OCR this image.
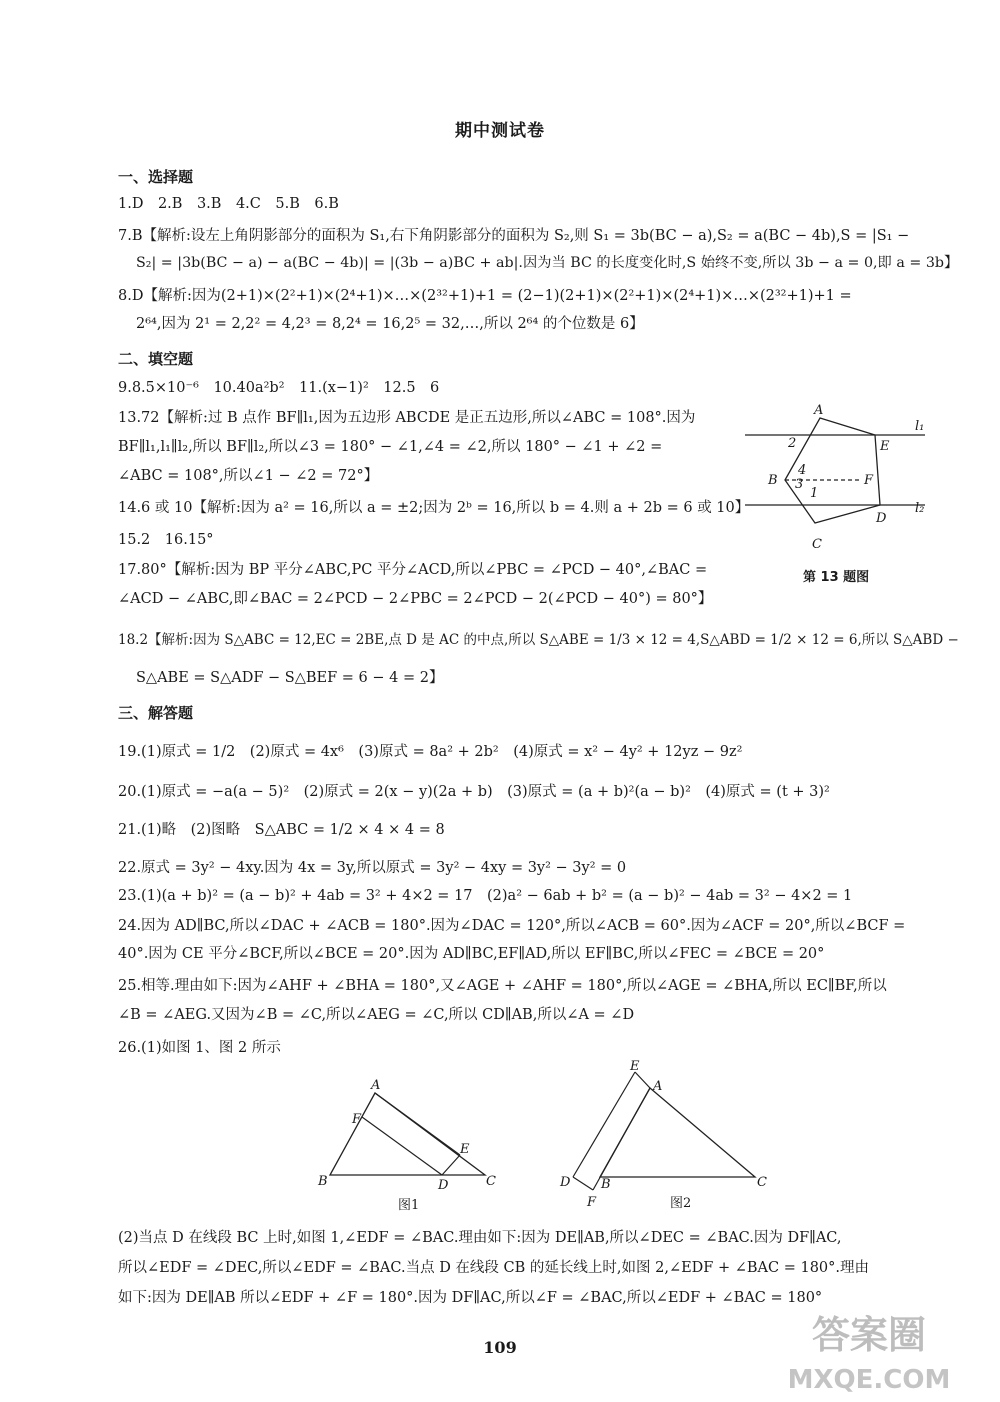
期中测试卷
一、选择题
1.D　2.B　3.B　4.C　5.B　6.B
7.B【解析:设左上角阴影部分的面积为 S₁,右下角阴影部分的面积为 S₂,则 S₁ = 3b(BC − a),S₂ = a(BC − 4b),S = |S₁ −
S₂| = |3b(BC − a) − a(BC − 4b)| = |(3b − a)BC + ab|.因为当 BC 的长度变化时,S 始终不变,所以 3b − a = 0,即 a = 3b】
8.D【解析:因为(2+1)×(2²+1)×(2⁴+1)×…×(2³²+1)+1 = (2−1)(2+1)×(2²+1)×(2⁴+1)×…×(2³²+1)+1 =
2⁶⁴,因为 2¹ = 2,2² = 4,2³ = 8,2⁴ = 16,2⁵ = 32,…,所以 2⁶⁴ 的个位数是 6】
二、填空题
9.8.5×10⁻⁶　10.40a²b²　11.(x−1)²　12.5　6
13.72【解析:过 B 点作 BF∥l₁,因为五边形 ABCDE 是正五边形,所以∠ABC = 108°.因为
BF∥l₁,l₁∥l₂,所以 BF∥l₂,所以∠3 = 180° − ∠1,∠4 = ∠2,所以 180° − ∠1 + ∠2 =
∠ABC = 108°,所以∠1 − ∠2 = 72°】
14.6 或 10【解析:因为 a² = 16,所以 a = ±2;因为 2ᵇ = 16,所以 b = 4.则 a + 2b = 6 或 10】
15.2　16.15°
17.80°【解析:因为 BP 平分∠ABC,PC 平分∠ACD,所以∠PBC = ∠PCD − 40°,∠BAC =
∠ACD − ∠ABC,即∠BAC = 2∠PCD − 2∠PBC = 2∠PCD − 2(∠PCD − 40°) = 80°】
18.2【解析:因为 S△ABC = 12,EC = 2BE,点 D 是 AC 的中点,所以 S△ABE = 1/3 × 12 = 4,S△ABD = 1/2 × 12 = 6,所以 S△ABD −
S△ABE = S△ADF − S△BEF = 6 − 4 = 2】
三、解答题
19.(1)原式 = 1/2　(2)原式 = 4x⁶　(3)原式 = 8a² + 2b²　(4)原式 = x² − 4y² + 12yz − 9z²
20.(1)原式 = −a(a − 5)²　(2)原式 = 2(x − y)(2a + b)　(3)原式 = (a + b)²(a − b)²　(4)原式 = (t + 3)²
21.(1)略　(2)图略　S△ABC = 1/2 × 4 × 4 = 8
22.原式 = 3y² − 4xy.因为 4x = 3y,所以原式 = 3y² − 4xy = 3y² − 3y² = 0
23.(1)(a + b)² = (a − b)² + 4ab = 3² + 4×2 = 17　(2)a² − 6ab + b² = (a − b)² − 4ab = 3² − 4×2 = 1
24.因为 AD∥BC,所以∠DAC + ∠ACB = 180°.因为∠DAC = 120°,所以∠ACB = 60°.因为∠ACF = 20°,所以∠BCF =
40°.因为 CE 平分∠BCF,所以∠BCE = 20°.因为 AD∥BC,EF∥AD,所以 EF∥BC,所以∠FEC = ∠BCE = 20°
25.相等.理由如下:因为∠AHF + ∠BHA = 180°,又∠AGE + ∠AHF = 180°,所以∠AGE = ∠BHA,所以 EC∥BF,所以
∠B = ∠AEG.又因为∠B = ∠C,所以∠AEG = ∠C,所以 CD∥AB,所以∠A = ∠D
26.(1)如图 1、图 2 所示
A
E
B	F
D
C
l₁
l₂
2
4
3
1
第 13 题图
A
F
E
B	D	C
图1
E
A
D B
F
C
图2
(2)当点 D 在线段 BC 上时,如图 1,∠EDF = ∠BAC.理由如下:因为 DE∥AB,所以∠DEC = ∠BAC.因为 DF∥AC,
所以∠EDF = ∠DEC,所以∠EDF = ∠BAC.当点 D 在线段 CB 的延长线上时,如图 2,∠EDF + ∠BAC = 180°.理由
如下:因为 DE∥AB 所以∠EDF + ∠F = 180°.因为 DF∥AC,所以∠F = ∠BAC,所以∠EDF + ∠BAC = 180°
109	答案圈
MXQE.COM
